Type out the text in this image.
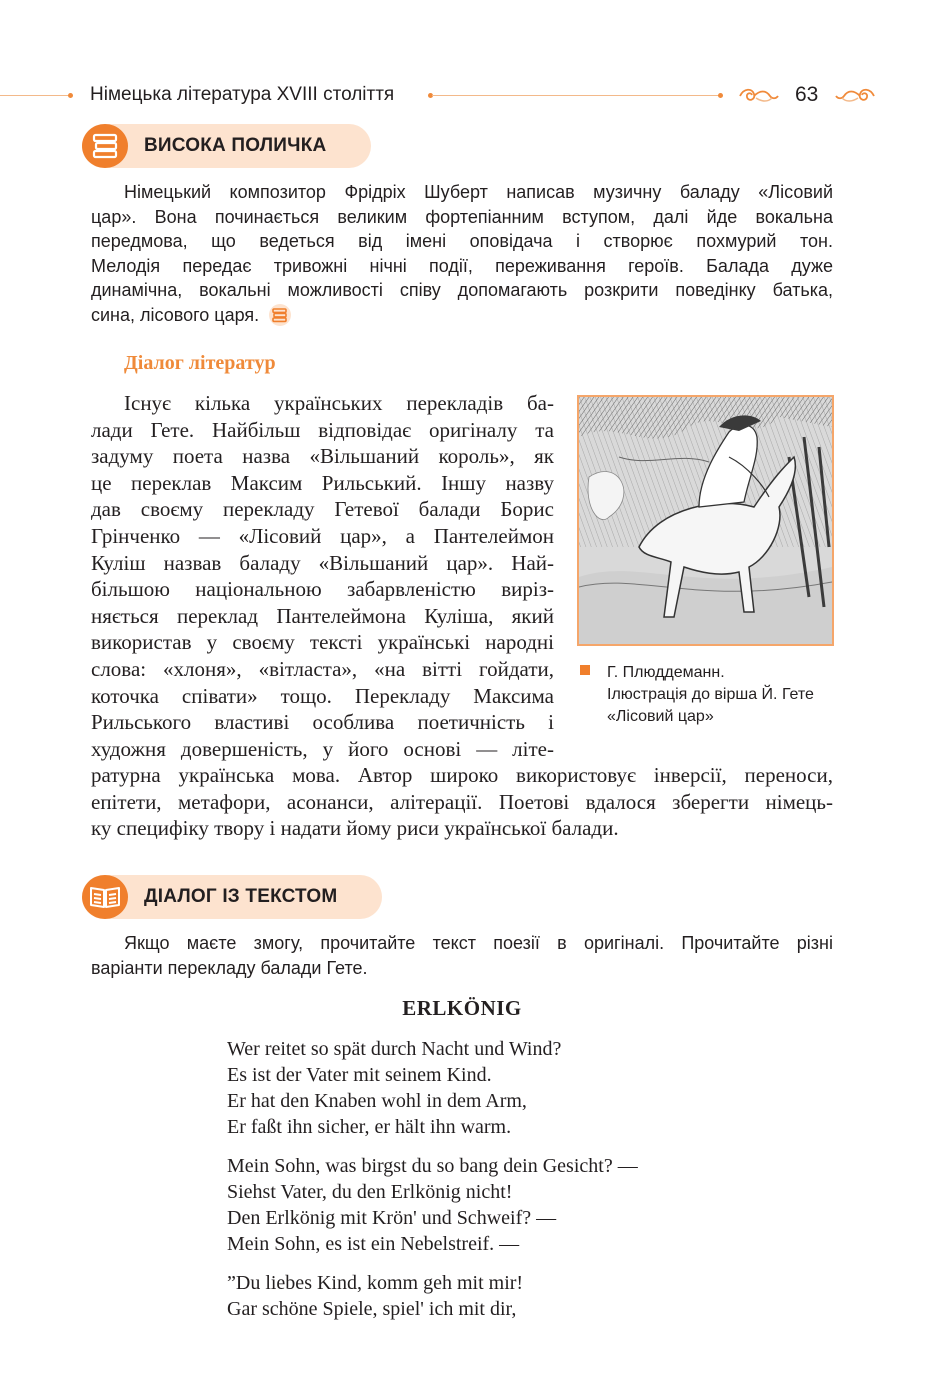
Німецька література XVIII століття	63
ВИСОКА ПОЛИЧКА
Німецький композитор Фрідріх Шуберт написав музичну баладу «Лісовий
цар». Вона починається великим фортепіанним вступом, далі йде вокальна
передмова, що ведеться від імені оповідача і створює похмурий тон.
Мелодія передає тривожні нічні події, переживання героїв. Балада дуже
динамічна, вокальні можливості співу допомагають розкрити поведінку батька,
сина, лісового царя.
Діалог літератур
Існує кілька українських перекладів ба-
лади Гете. Найбільш відповідає оригіналу та
задуму поета назва «Вільшаний король», як
це переклав Максим Рильський. Іншу назву
дав своєму перекладу Гетевої балади Борис
Грінченко — «Лісовий цар», а Пантелеймон
Куліш назвав баладу «Вільшаний цар». Най-
більшою національною забарвленістю виріз-
няється переклад Пантелеймона Куліша, який
використав у своєму тексті українські народні
слова: «хлоня», «вітласта», «на вітті гойдати,
коточка співати» тощо. Перекладу Максима
Рильського властиві особлива поетичність і
художня довершеність, у його основі — літе-
ратурна українська мова. Автор широко використовує інверсії, переноси,
епітети, метафори, асонанси, алітерації. Поетові вдалося зберегти німець-
ку специфіку твору і надати йому риси української балади.
Г. Плюддеманн.
Ілюстрація до вірша Й. Гете
«Лісовий цар»
ДІАЛОГ ІЗ ТЕКСТОМ
Якщо маєте змогу, прочитайте текст поезії в оригіналі. Прочитайте різні
варіанти перекладу балади Гете.
ERLKÖNIG
Wer reitet so spät durch Nacht und Wind?
Es ist der Vater mit seinem Kind.
Er hat den Knaben wohl in dem Arm,
Er faßt ihn sicher, er hält ihn warm.
Mein Sohn, was birgst du so bang dein Gesicht? —
Siehst Vater, du den Erlkönig nicht!
Den Erlkönig mit Krön' und Schweif? —
Mein Sohn, es ist ein Nebelstreif. —
”Du liebes Kind, komm geh mit mir!
Gar schöne Spiele, spiel' ich mit dir,
